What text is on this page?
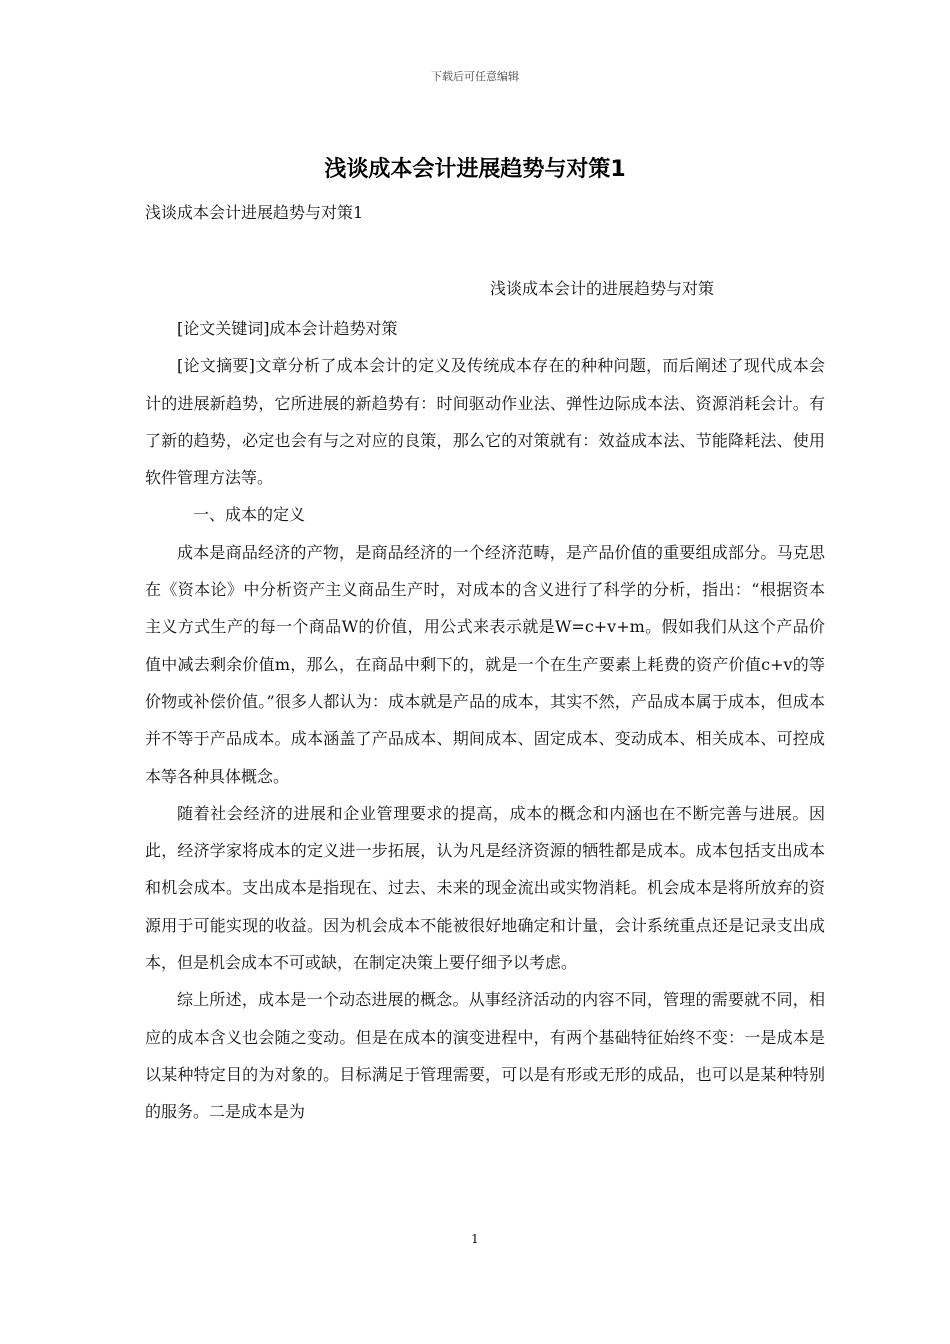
下载后可任意编辑
浅谈成本会计进展趋势与对策1
浅谈成本会计进展趋势与对策1
浅谈成本会计的进展趋势与对策

[论文关键词]成本会计趋势对策

[论文摘要]文章分析了成本会计的定义及传统成本存在的种种问题，而后阐述了现代成本会计的进展新趋势，它所进展的新趋势有：时间驱动作业法、弹性边际成本法、资源消耗会计。有了新的趋势，必定也会有与之对应的良策，那么它的对策就有：效益成本法、节能降耗法、使用软件管理方法等。

一、成本的定义

成本是商品经济的产物，是商品经济的一个经济范畴，是产品价值的重要组成部分。马克思在《资本论》中分析资产主义商品生产时，对成本的含义进行了科学的分析，指出：“根据资本主义方式生产的每一个商品W的价值，用公式来表示就是W=c+v+m。假如我们从这个产品价值中减去剩余价值m，那么，在商品中剩下的，就是一个在生产要素上耗费的资产价值c+v的等价物或补偿价值。”很多人都认为：成本就是产品的成本，其实不然，产品成本属于成本，但成本并不等于产品成本。成本涵盖了产品成本、期间成本、固定成本、变动成本、相关成本、可控成本等各种具体概念。

随着社会经济的进展和企业管理要求的提高，成本的概念和内涵也在不断完善与进展。因此，经济学家将成本的定义进一步拓展，认为凡是经济资源的牺牲都是成本。成本包括支出成本和机会成本。支出成本是指现在、过去、未来的现金流出或实物消耗。机会成本是将所放弃的资源用于可能实现的收益。因为机会成本不能被很好地确定和计量，会计系统重点还是记录支出成本，但是机会成本不可或缺，在制定决策上要仔细予以考虑。

综上所述，成本是一个动态进展的概念。从事经济活动的内容不同，管理的需要就不同，相应的成本含义也会随之变动。但是在成本的演变进程中，有两个基础特征始终不变：一是成本是以某种特定目的为对象的。目标满足于管理需要，可以是有形或无形的成品，也可以是某种特别的服务。二是成本是为

1
